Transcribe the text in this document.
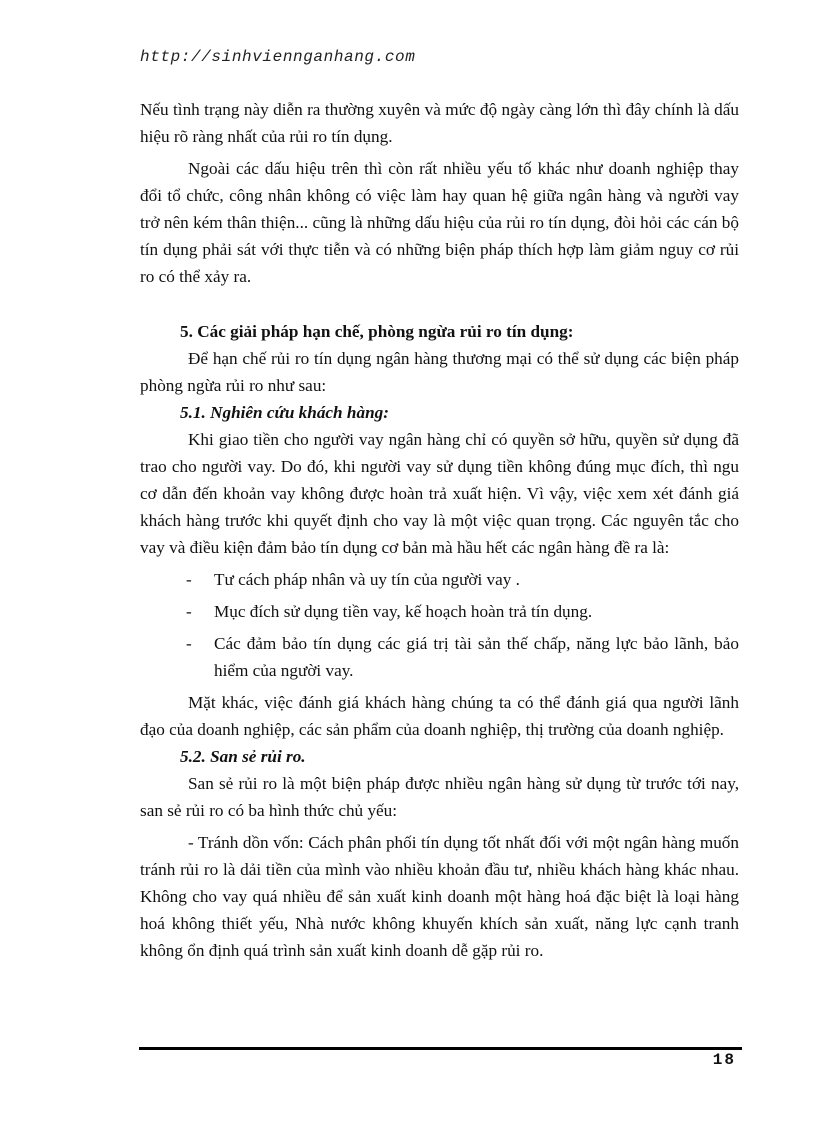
http://sinhviennganhang.com

Nếu tình trạng này diễn ra thường xuyên và mức độ ngày càng lớn thì đây chính là dấu hiệu rõ ràng nhất của rủi ro tín dụng.

Ngoài các dấu hiệu trên thì còn rất nhiều yếu tố khác như doanh nghiệp thay đổi tổ chức, công nhân không có việc làm hay quan hệ giữa ngân hàng và người vay trở nên kém thân thiện... cũng là những dấu hiệu của rủi ro tín dụng, đòi hỏi các cán bộ tín dụng phải sát với thực tiễn và có những biện pháp thích hợp làm giảm nguy cơ rủi ro có thể xảy ra.

5. Các giải pháp hạn chế, phòng ngừa rủi ro tín dụng:

Để hạn chế rủi ro tín dụng ngân hàng thương mại có thể sử dụng các biện pháp phòng ngừa rủi ro như sau:

5.1. Nghiên cứu khách hàng:

Khi giao tiền cho người vay ngân hàng chỉ có quyền sở hữu, quyền sử dụng đã trao cho người vay. Do đó, khi người vay sử dụng tiền không đúng mục đích, thì ngu cơ dẫn đến khoản vay không được hoàn trả xuất hiện. Vì vậy, việc xem xét đánh giá khách hàng trước khi quyết định cho vay là một việc quan trọng. Các nguyên tắc cho vay và điều kiện đảm bảo tín dụng cơ bản mà hầu hết các ngân hàng đề ra là:

- Tư cách pháp nhân và uy tín của người vay .
- Mục đích sử dụng tiền vay, kế hoạch hoàn trả tín dụng.
- Các đảm bảo tín dụng các giá trị tài sản thế chấp, năng lực bảo lãnh, bảo hiểm của người vay.

Mặt khác, việc đánh giá khách hàng chúng ta có thể đánh giá qua người lãnh đạo của doanh nghiệp, các sản phẩm của doanh nghiệp, thị trường của doanh nghiệp.

5.2. San sẻ rủi ro.

San sẻ rủi ro là một biện pháp được nhiều ngân hàng sử dụng từ trước tới nay, san sẻ rủi ro có ba hình thức chủ yếu:

- Tránh dồn vốn: Cách phân phối tín dụng tốt nhất đối với một ngân hàng muốn tránh rủi ro là dải tiền của mình vào nhiều khoản đầu tư, nhiều khách hàng khác nhau. Không cho vay quá nhiều để sản xuất kinh doanh một hàng hoá đặc biệt là loại hàng hoá không thiết yếu, Nhà nước không khuyến khích sản xuất, năng lực cạnh tranh không ổn định quá trình sản xuất kinh doanh dễ gặp rủi ro.

18
